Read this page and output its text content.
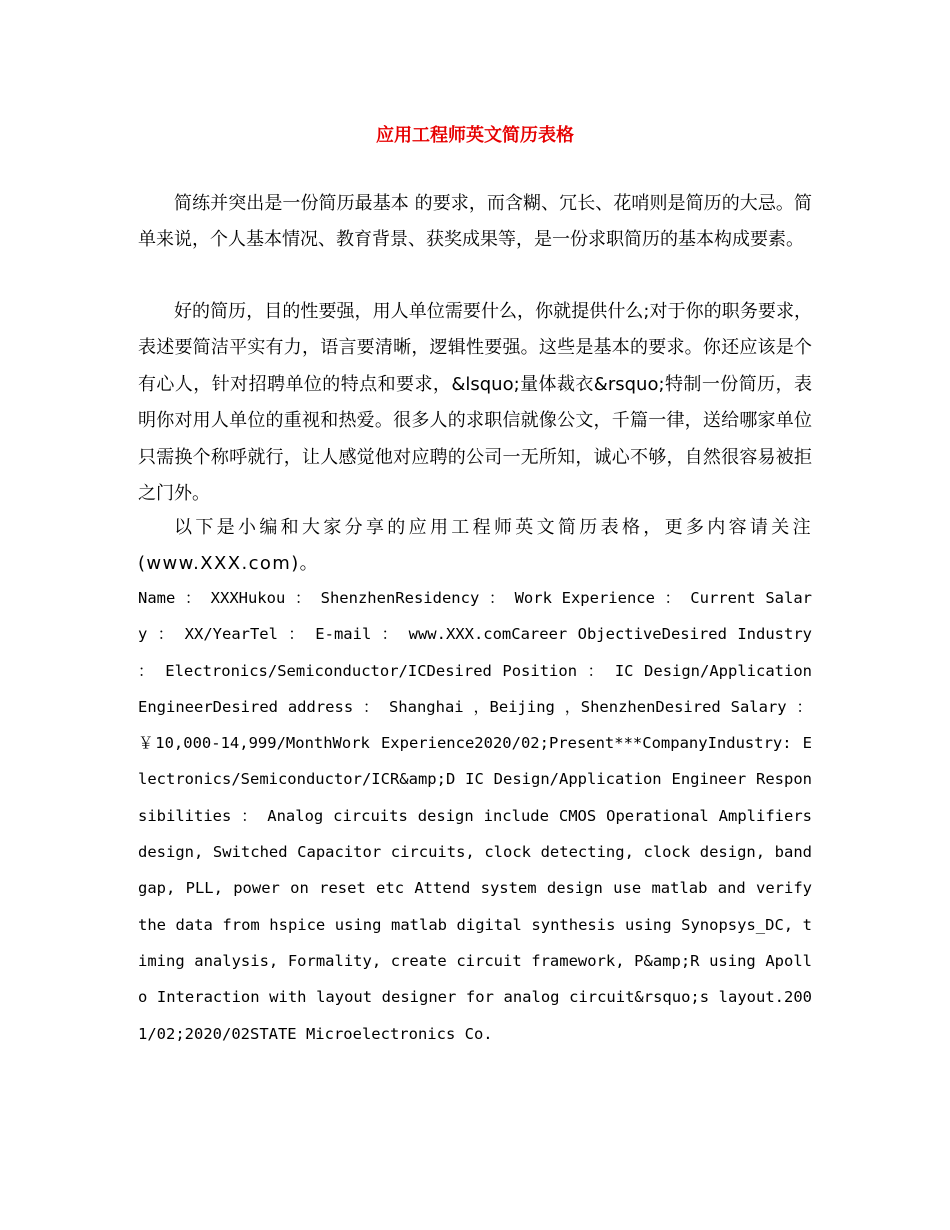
应用工程师英文简历表格

简练并突出是一份简历最基本 的要求，而含糊、冗长、花哨则是简历的大忌。简单来说，个人基本情况、教育背景、获奖成果等，是一份求职简历的基本构成要素。

好的简历，目的性要强，用人单位需要什么，你就提供什么;对于你的职务要求，表述要简洁平实有力，语言要清晰，逻辑性要强。这些是基本的要求。你还应该是个有心人，针对招聘单位的特点和要求，&lsquo;量体裁衣&rsquo;特制一份简历，表明你对用人单位的重视和热爱。很多人的求职信就像公文，千篇一律，送给哪家单位只需换个称呼就行，让人感觉他对应聘的公司一无所知，诚心不够，自然很容易被拒之门外。

以下是小编和大家分享的应用工程师英文简历表格，更多内容请关注(www.XXX.com)。

Name ： XXXHukou ： ShenzhenResidency ： Work Experience ： Current Salary ： XX/YearTel ： E-mail ： www.XXX.comCareer ObjectiveDesired Industry ： Electronics/Semiconductor/ICDesired Position ： IC Design/Application EngineerDesired address ： Shanghai ，Beijing ，ShenzhenDesired Salary ：￥10,000-14,999/MonthWork Experience2020/02;Present***CompanyIndustry: Electronics/Semiconductor/ICR&amp;D IC Design/Application Engineer Responsibilities ： Analog circuits design include CMOS Operational Amplifiers design, Switched Capacitor circuits, clock detecting, clock design, bandgap, PLL, power on reset etc Attend system design use matlab and verify the data from hspice using matlab digital synthesis using Synopsys_DC, timing analysis, Formality, create circuit framework, P&amp;R using Apollo Interaction with layout designer for analog circuit&rsquo;s layout.2001/02;2020/02STATE Microelectronics Co.
